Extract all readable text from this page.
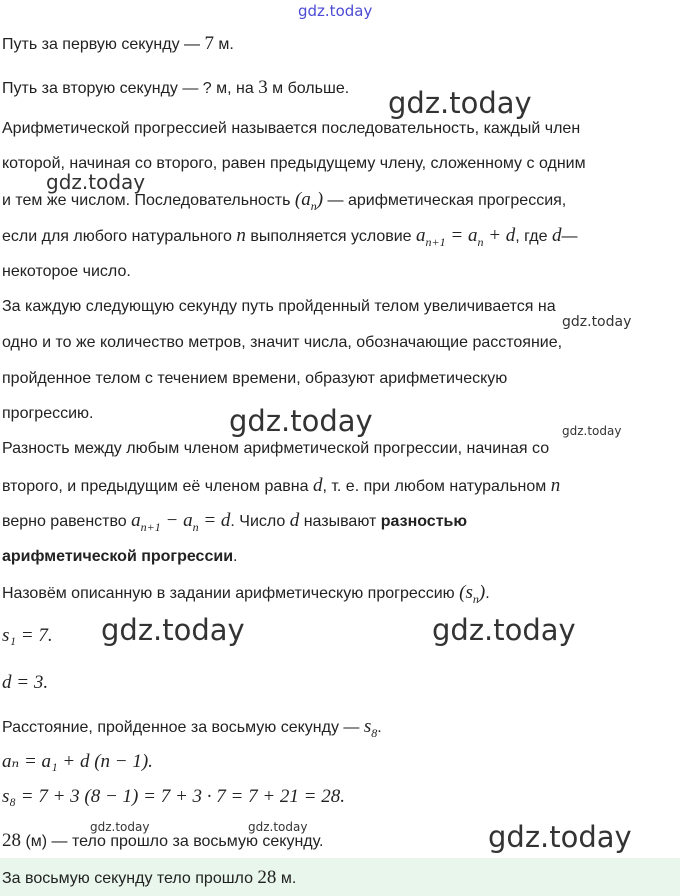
gdz.today
gdz.today
gdz.today
gdz.today
gdz.today	gdz.today
gdz.today	gdz.today
gdz.today	gdz.today	gdz.today
Путь за первую секунду — 7 м.
Путь за вторую секунду — ? м, на 3 м больше.
Арифметической прогрессией называется последовательность, каждый член
которой, начиная со второго, равен предыдущему члену, сложенному с одним
и тем же числом. Последовательность $(a_n)$ — арифметическая прогрессия,
если для любого натурального n выполняется условие $a_{n+1} = a_n + d$, где d—
некоторое число.
За каждую следующую секунду путь пройденный телом увеличивается на
одно и то же количество метров, значит числа, обозначающие расстояние,
пройденное телом с течением времени, образуют арифметическую
прогрессию.
Разность между любым членом арифметической прогрессии, начиная со
второго, и предыдущим её членом равна d, т. е. при любом натуральном n
верно равенство $a_{n+1} - a_n = d$. Число d называют разностью
арифметической прогрессии.
Назовём описанную в задании арифметическую прогрессию $(s_n)$.
s₁ = 7.
d = 3.
Расстояние, пройденное за восьмую секунду — $s_8$.
aₙ = a₁ + d (n − 1).
s₈ = 7 + 3 (8 − 1) = 7 + 3 · 7 = 7 + 21 = 28.
28 (м) — тело прошло за восьмую секунду.
За восьмую секунду тело прошло 28 м.
